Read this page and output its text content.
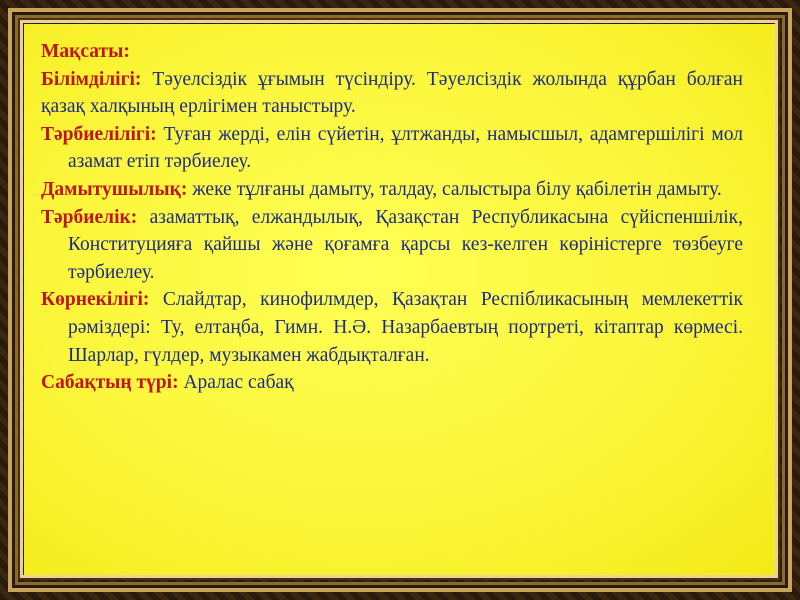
Мақсаты:

Білімділігі: Тәуелсіздік ұғымын түсіндіру. Тәуелсіздік жолында құрбан болған қазақ халқының ерлігімен таныстыру.

Тәрбиелілігі: Туған жерді, елін сүйетін, ұлтжанды, намысшыл, адамгершілігі мол азамат етіп тәрбиелеу.

Дамытушылық: жеке тұлғаны дамыту, талдау, салыстыра білу қабілетін дамыту.

Тәрбиелік: азаматтық, елжандылық, Қазақстан Республикасына сүйіспеншілік, Конституцияға қайшы және қоғамға қарсы кез-келген көріністерге төзбеуге тәрбиелеу.

Көрнекілігі: Слайдтар, кинофилмдер, Қазақтан Респібликасының мемлекеттік рәміздері: Ту, елтаңба, Гимн. Н.Ә. Назарбаевтың портреті, кітаптар көрмесі. Шарлар, гүлдер, музыкамен жабдықталған.

Сабақтың түрі: Аралас сабақ
